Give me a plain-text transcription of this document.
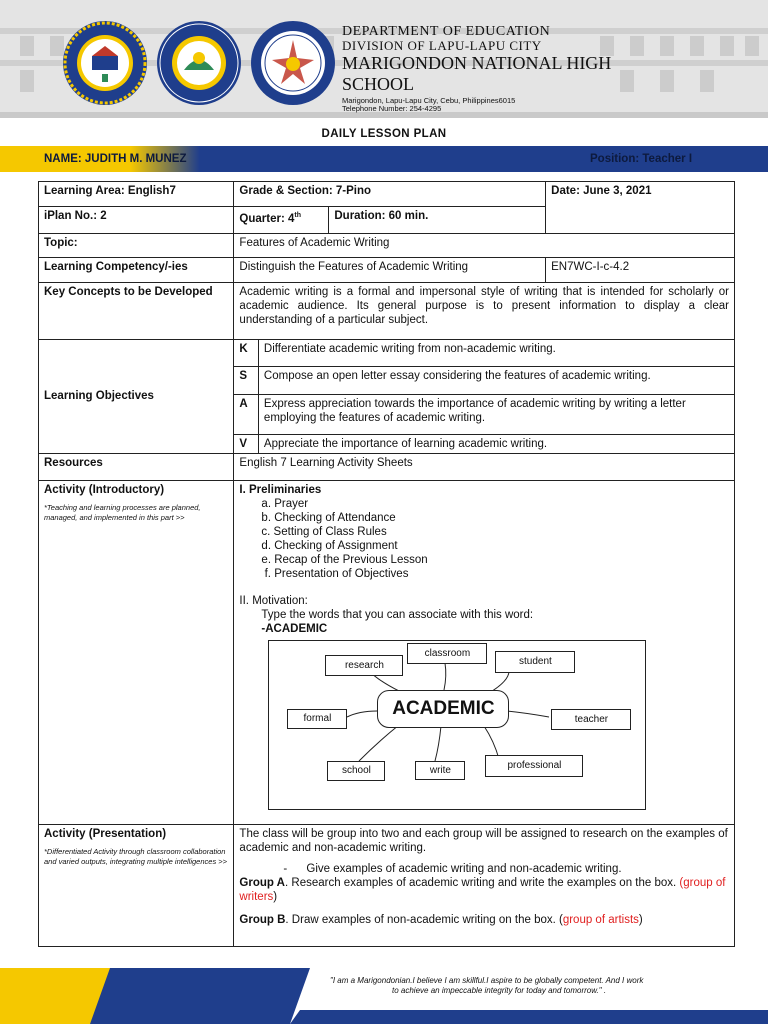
DEPARTMENT OF EDUCATION
DIVISION OF LAPU-LAPU CITY
MARIGONDON NATIONAL HIGH SCHOOL
Marigondon, Lapu-Lapu City, Cebu, Philippines6015
Telephone Number: 254-4295
DAILY LESSON PLAN
NAME: JUDITH M. MUNEZ	Position: Teacher I
Learning Area: English7	Grade & Section: 7-Pino	Date: June 3, 2021
iPlan No.: 2	Quarter: 4th	Duration: 60 min.
Topic:	Features of Academic Writing
Learning Competency/-ies	Distinguish the Features of Academic Writing	EN7WC-I-c-4.2
Key Concepts to be Developed	Academic writing is a formal and impersonal style of writing that is intended for scholarly or academic audience. Its general purpose is to present information to display a clear understanding of a particular subject.
Learning Objectives	
K	Differentiate academic writing from non-academic writing.
S	Compose an open letter essay considering the features of academic writing.
A	Express appreciation towards the importance of academic writing by writing a letter employing the features of academic writing.
V	Appreciate the importance of learning academic writing.

Resources	English 7 Learning Activity Sheets

Activity (Introductory)
*Teaching and learning processes are planned, managed, and implemented in this part >>

I. Preliminaries
a. Prayer
b. Checking of Attendance
c. Setting of Class Rules
d. Checking of Assignment
e. Recap of the Previous Lesson
f. Presentation of Objectives
II. Motivation:
Type the words that you can associate with this word:
-ACADEMIC
research
classroom
student
formal	ACADEMIC
teacher
school	write	professional

Activity (Presentation)
*Differentiated Activity through classroom collaboration and varied outputs, integrating multiple intelligences >>

The class will be group into two and each group will be assigned to research on the examples of academic and non-academic writing.
-      Give examples of academic writing and non-academic writing.
Group A. Research examples of academic writing and write the examples on the box. (group of writers)
Group B. Draw examples of non-academic writing on the box. (group of artists)
"I am a Marigondonian.I believe I am skillful.I aspire to be globally competent. And I work
to achieve an impeccable integrity for today and tomorrow." .
